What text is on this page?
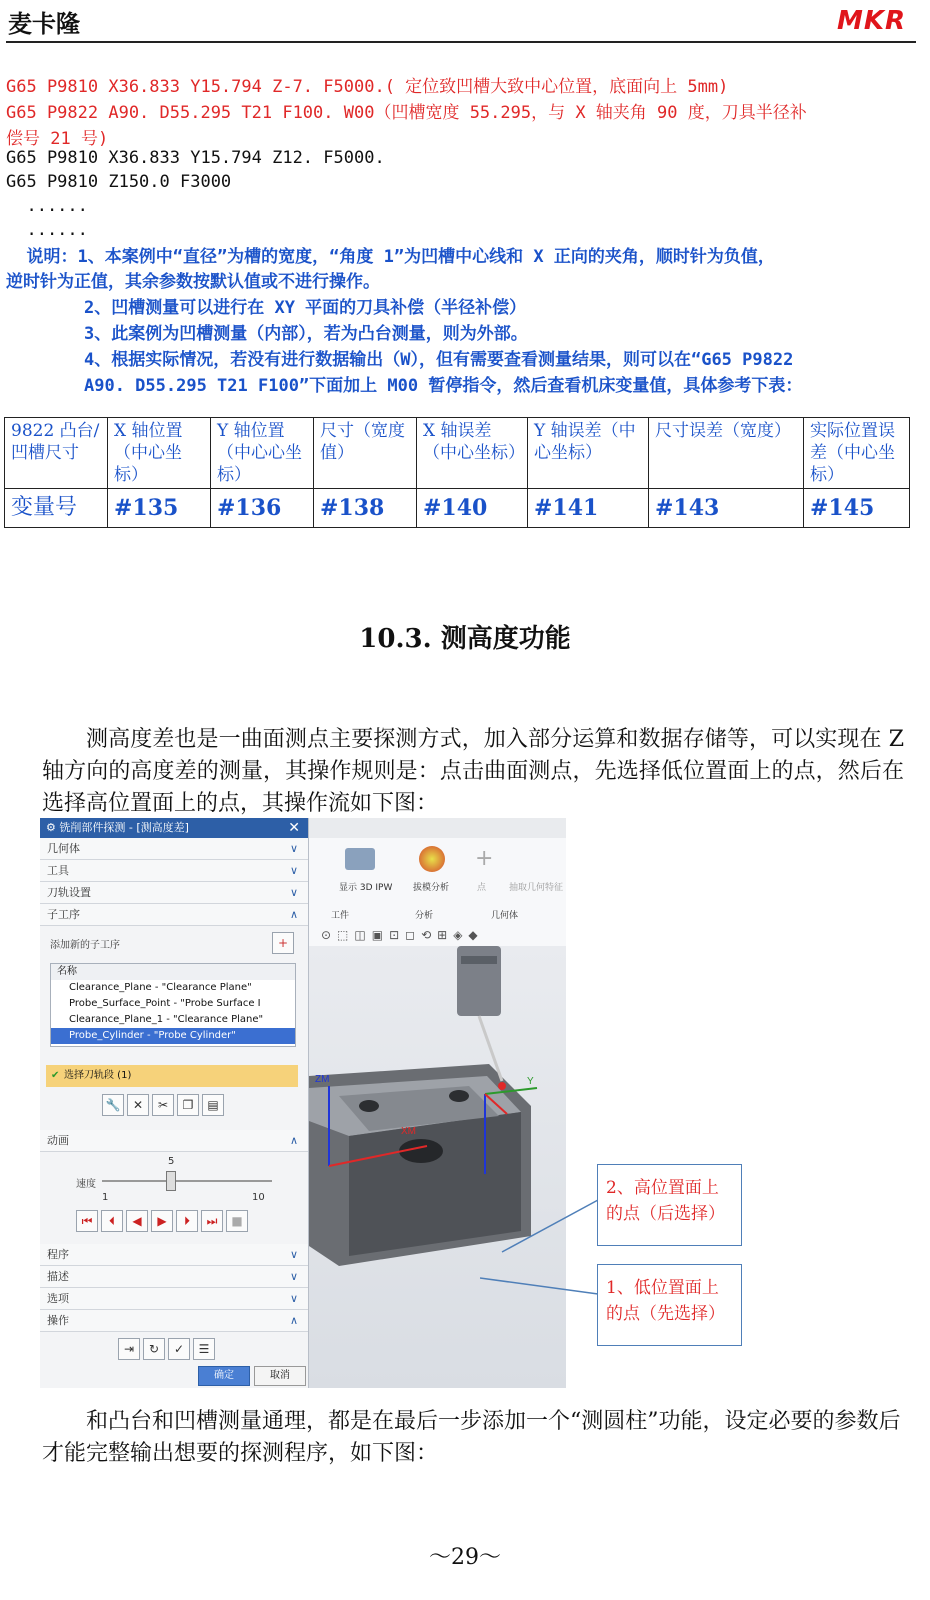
麦卡隆	MKR
G65 P9810 X36.833 Y15.794 Z-7. F5000.( 定位致凹槽大致中心位置，底面向上 5mm)
G65 P9822 A90. D55.295 T21 F100. W00（凹槽宽度 55.295，与 X 轴夹角 90 度，刀具半径补
偿号 21 号)
G65 P9810 X36.833 Y15.794 Z12. F5000.
G65 P9810 Z150.0 F3000
......
......
说明：1、本案例中“直径”为槽的宽度，“角度 1”为凹槽中心线和 X 正向的夹角，顺时针为负值，
逆时针为正值，其余参数按默认值或不进行操作。
2、凹槽测量可以进行在 XY 平面的刀具补偿（半径补偿）
3、此案例为凹槽测量（内部），若为凸台测量，则为外部。
4、根据实际情况，若没有进行数据输出（W），但有需要查看测量结果，则可以在“G65 P9822
A90. D55.295 T21 F100”下面加上 M00 暂停指令，然后查看机床变量值，具体参考下表：
9822 凸台/凹槽尺寸	X 轴位置（中心坐标）	Y 轴位置（中心心坐标）	尺寸（宽度值）	X 轴误差（中心坐标）	Y 轴误差（中心坐标）	尺寸误差（宽度）	实际位置误差（中心坐标）
变量号	#135	#136	#138	#140	#141	#143	#145
10.3. 测高度功能
测高度差也是一曲面测点主要探测方式，加入部分运算和数据存储等，可以实现在 Z 轴方向的高度差的测量，其操作规则是：点击曲面测点，先选择低位置面上的点，然后在选择高位置面上的点，其操作流如下图：
⚙ 铣削部件探测 - [测高度差]	✕
几何体	∨
工具	∨
刀轨设置	∨
子工序	∧
添加新的子工序	+
名称
Clearance_Plane - "Clearance Plane"
Probe_Surface_Point - "Probe Surface I
Clearance_Plane_1 - "Clearance Plane"
Probe_Cylinder - "Probe Cylinder"
✔ 选择刀轨段 (1)
🔧 ✕ ✂ ❐ ▤
动画	∧
5
速度
1	10
⏮ ⏴ ◀ ▶ ⏵ ⏭ ■
程序	∨
描述	∨
选项	∨
操作	∧
⇥ ↻ ✓ ☰
确定	取消
显示 3D IPW 拔模分析
+
点	抽取几何特征
工件	分析	几何体
⊙⬚◫▣⊡◻⟲⊞◈◆
Y
ZM
XM
2、高位置面上的点（后选择）
1、低位置面上的点（先选择）
和凸台和凹槽测量通理，都是在最后一步添加一个“测圆柱”功能，设定必要的参数后才能完整输出想要的探测程序，如下图：
～29～
